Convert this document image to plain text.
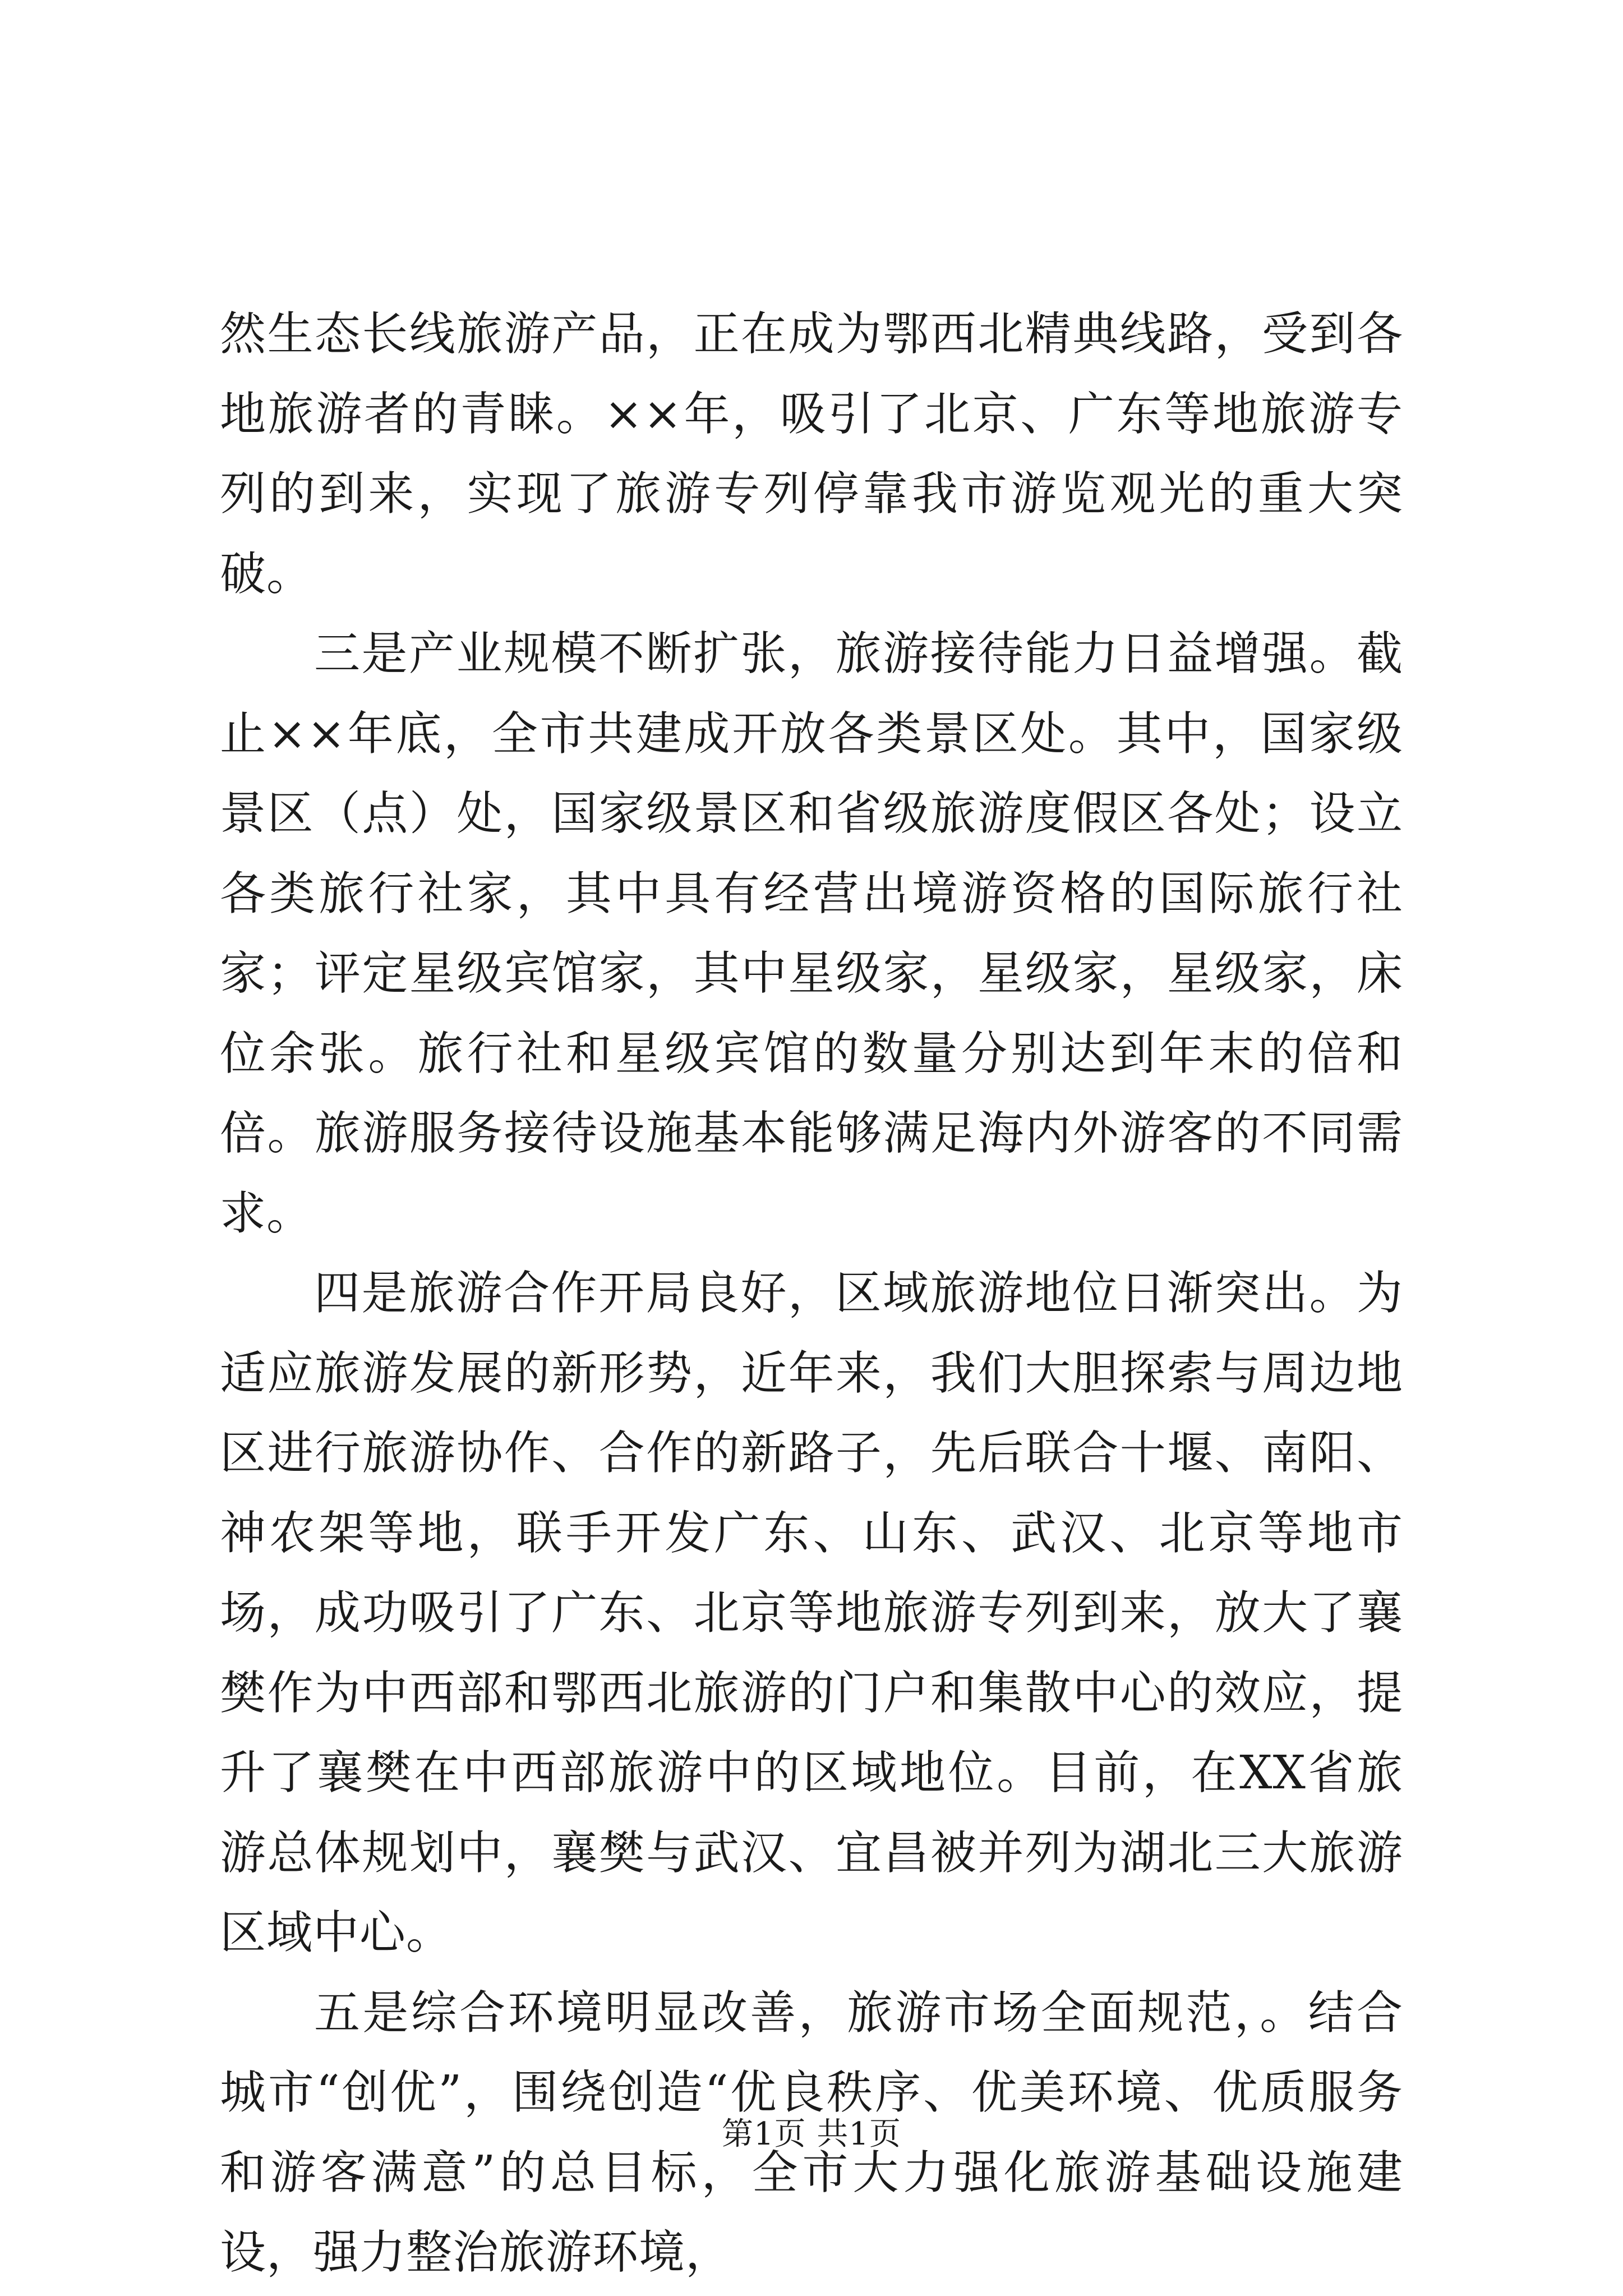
然生态长线旅游产品，正在成为鄂西北精典线路，受到各地旅游者的青睐。××年，吸引了北京、广东等地旅游专列的到来，实现了旅游专列停靠我市游览观光的重大突破。

三是产业规模不断扩张，旅游接待能力日益增强。截止××年底，全市共建成开放各类景区处。其中，国家级景区（点）处，国家级景区和省级旅游度假区各处；设立各类旅行社家，其中具有经营出境游资格的国际旅行社家；评定星级宾馆家，其中星级家，星级家，星级家，床位余张。旅行社和星级宾馆的数量分别达到年末的倍和倍。旅游服务接待设施基本能够满足海内外游客的不同需求。

四是旅游合作开局良好，区域旅游地位日渐突出。为适应旅游发展的新形势，近年来，我们大胆探索与周边地区进行旅游协作、合作的新路子，先后联合十堰、南阳、神农架等地，联手开发广东、山东、武汉、北京等地市场，成功吸引了广东、北京等地旅游专列到来，放大了襄樊作为中西部和鄂西北旅游的门户和集散中心的效应，提升了襄樊在中西部旅游中的区域地位。目前，在XX省旅游总体规划中，襄樊与武汉、宜昌被并列为湖北三大旅游区域中心。

五是综合环境明显改善，旅游市场全面规范，。结合城市“创优”，围绕创造“优良秩序、优美环境、优质服务和游客满意”的总目标，全市大力强化旅游基础设施建设，强力整治旅游环境，

第1页 共1页
